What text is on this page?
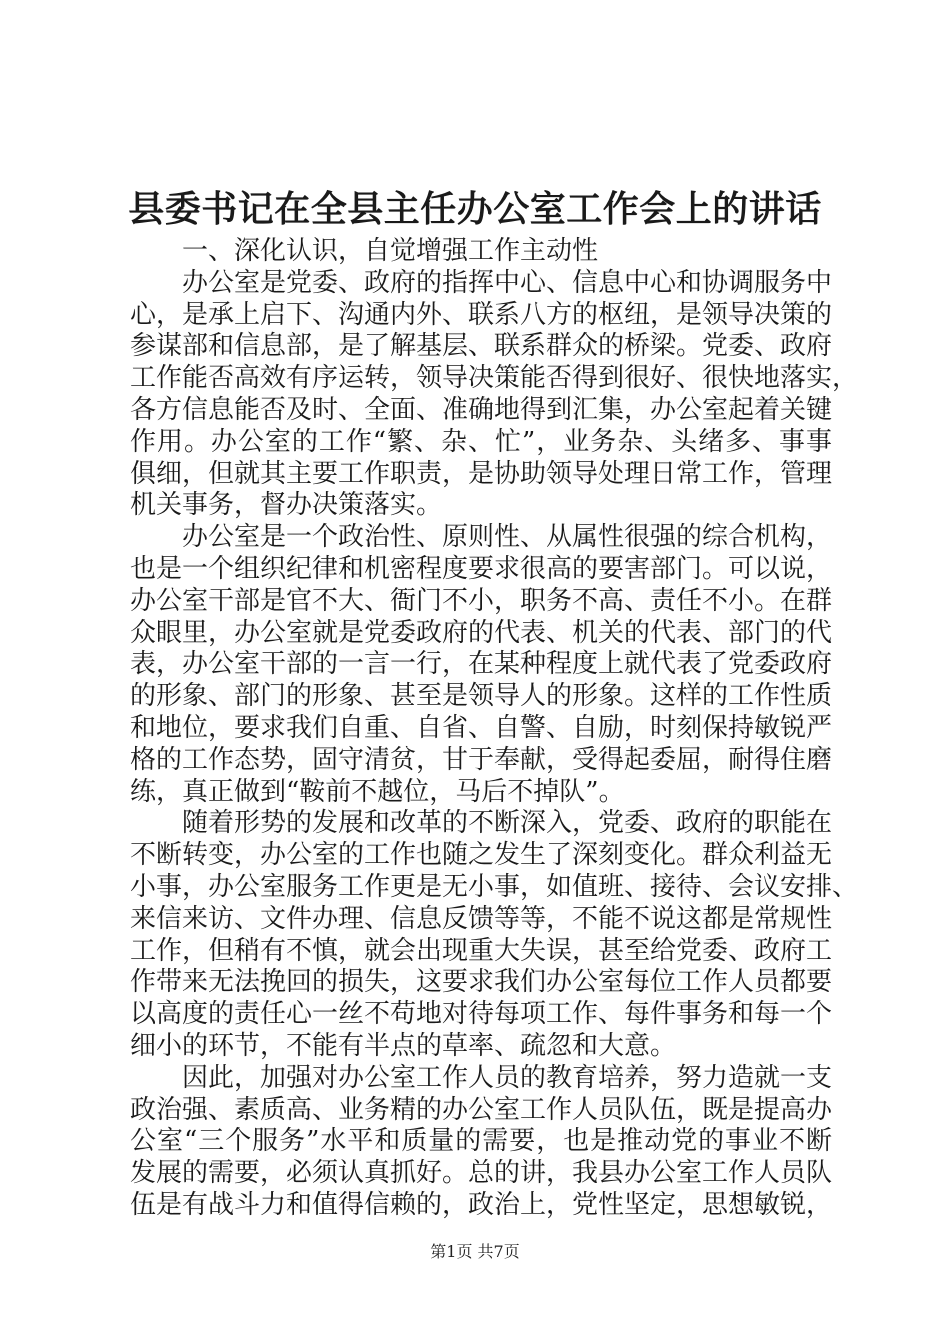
县委书记在全县主任办公室工作会上的讲话
一、深化认识，自觉增强工作主动性
办公室是党委、政府的指挥中心、信息中心和协调服务中
心，是承上启下、沟通内外、联系八方的枢纽，是领导决策的
参谋部和信息部，是了解基层、联系群众的桥梁。党委、政府
工作能否高效有序运转，领导决策能否得到很好、很快地落实，
各方信息能否及时、全面、准确地得到汇集，办公室起着关键
作用。办公室的工作“繁、杂、忙”，业务杂、头绪多、事事
俱细，但就其主要工作职责，是协助领导处理日常工作，管理
机关事务，督办决策落实。
办公室是一个政治性、原则性、从属性很强的综合机构，
也是一个组织纪律和机密程度要求很高的要害部门。可以说，
办公室干部是官不大、衙门不小，职务不高、责任不小。在群
众眼里，办公室就是党委政府的代表、机关的代表、部门的代
表，办公室干部的一言一行，在某种程度上就代表了党委政府
的形象、部门的形象、甚至是领导人的形象。这样的工作性质
和地位，要求我们自重、自省、自警、自励，时刻保持敏锐严
格的工作态势，固守清贫，甘于奉献，受得起委屈，耐得住磨
练，真正做到“鞍前不越位，马后不掉队”。
随着形势的发展和改革的不断深入，党委、政府的职能在
不断转变，办公室的工作也随之发生了深刻变化。群众利益无
小事，办公室服务工作更是无小事，如值班、接待、会议安排、
来信来访、文件办理、信息反馈等等，不能不说这都是常规性
工作，但稍有不慎，就会出现重大失误，甚至给党委、政府工
作带来无法挽回的损失，这要求我们办公室每位工作人员都要
以高度的责任心一丝不苟地对待每项工作、每件事务和每一个
细小的环节，不能有半点的草率、疏忽和大意。
因此，加强对办公室工作人员的教育培养，努力造就一支
政治强、素质高、业务精的办公室工作人员队伍，既是提高办
公室“三个服务”水平和质量的需要，也是推动党的事业不断
发展的需要，必须认真抓好。总的讲，我县办公室工作人员队
伍是有战斗力和值得信赖的，政治上，党性坚定，思想敏锐，
第1页 共7页
